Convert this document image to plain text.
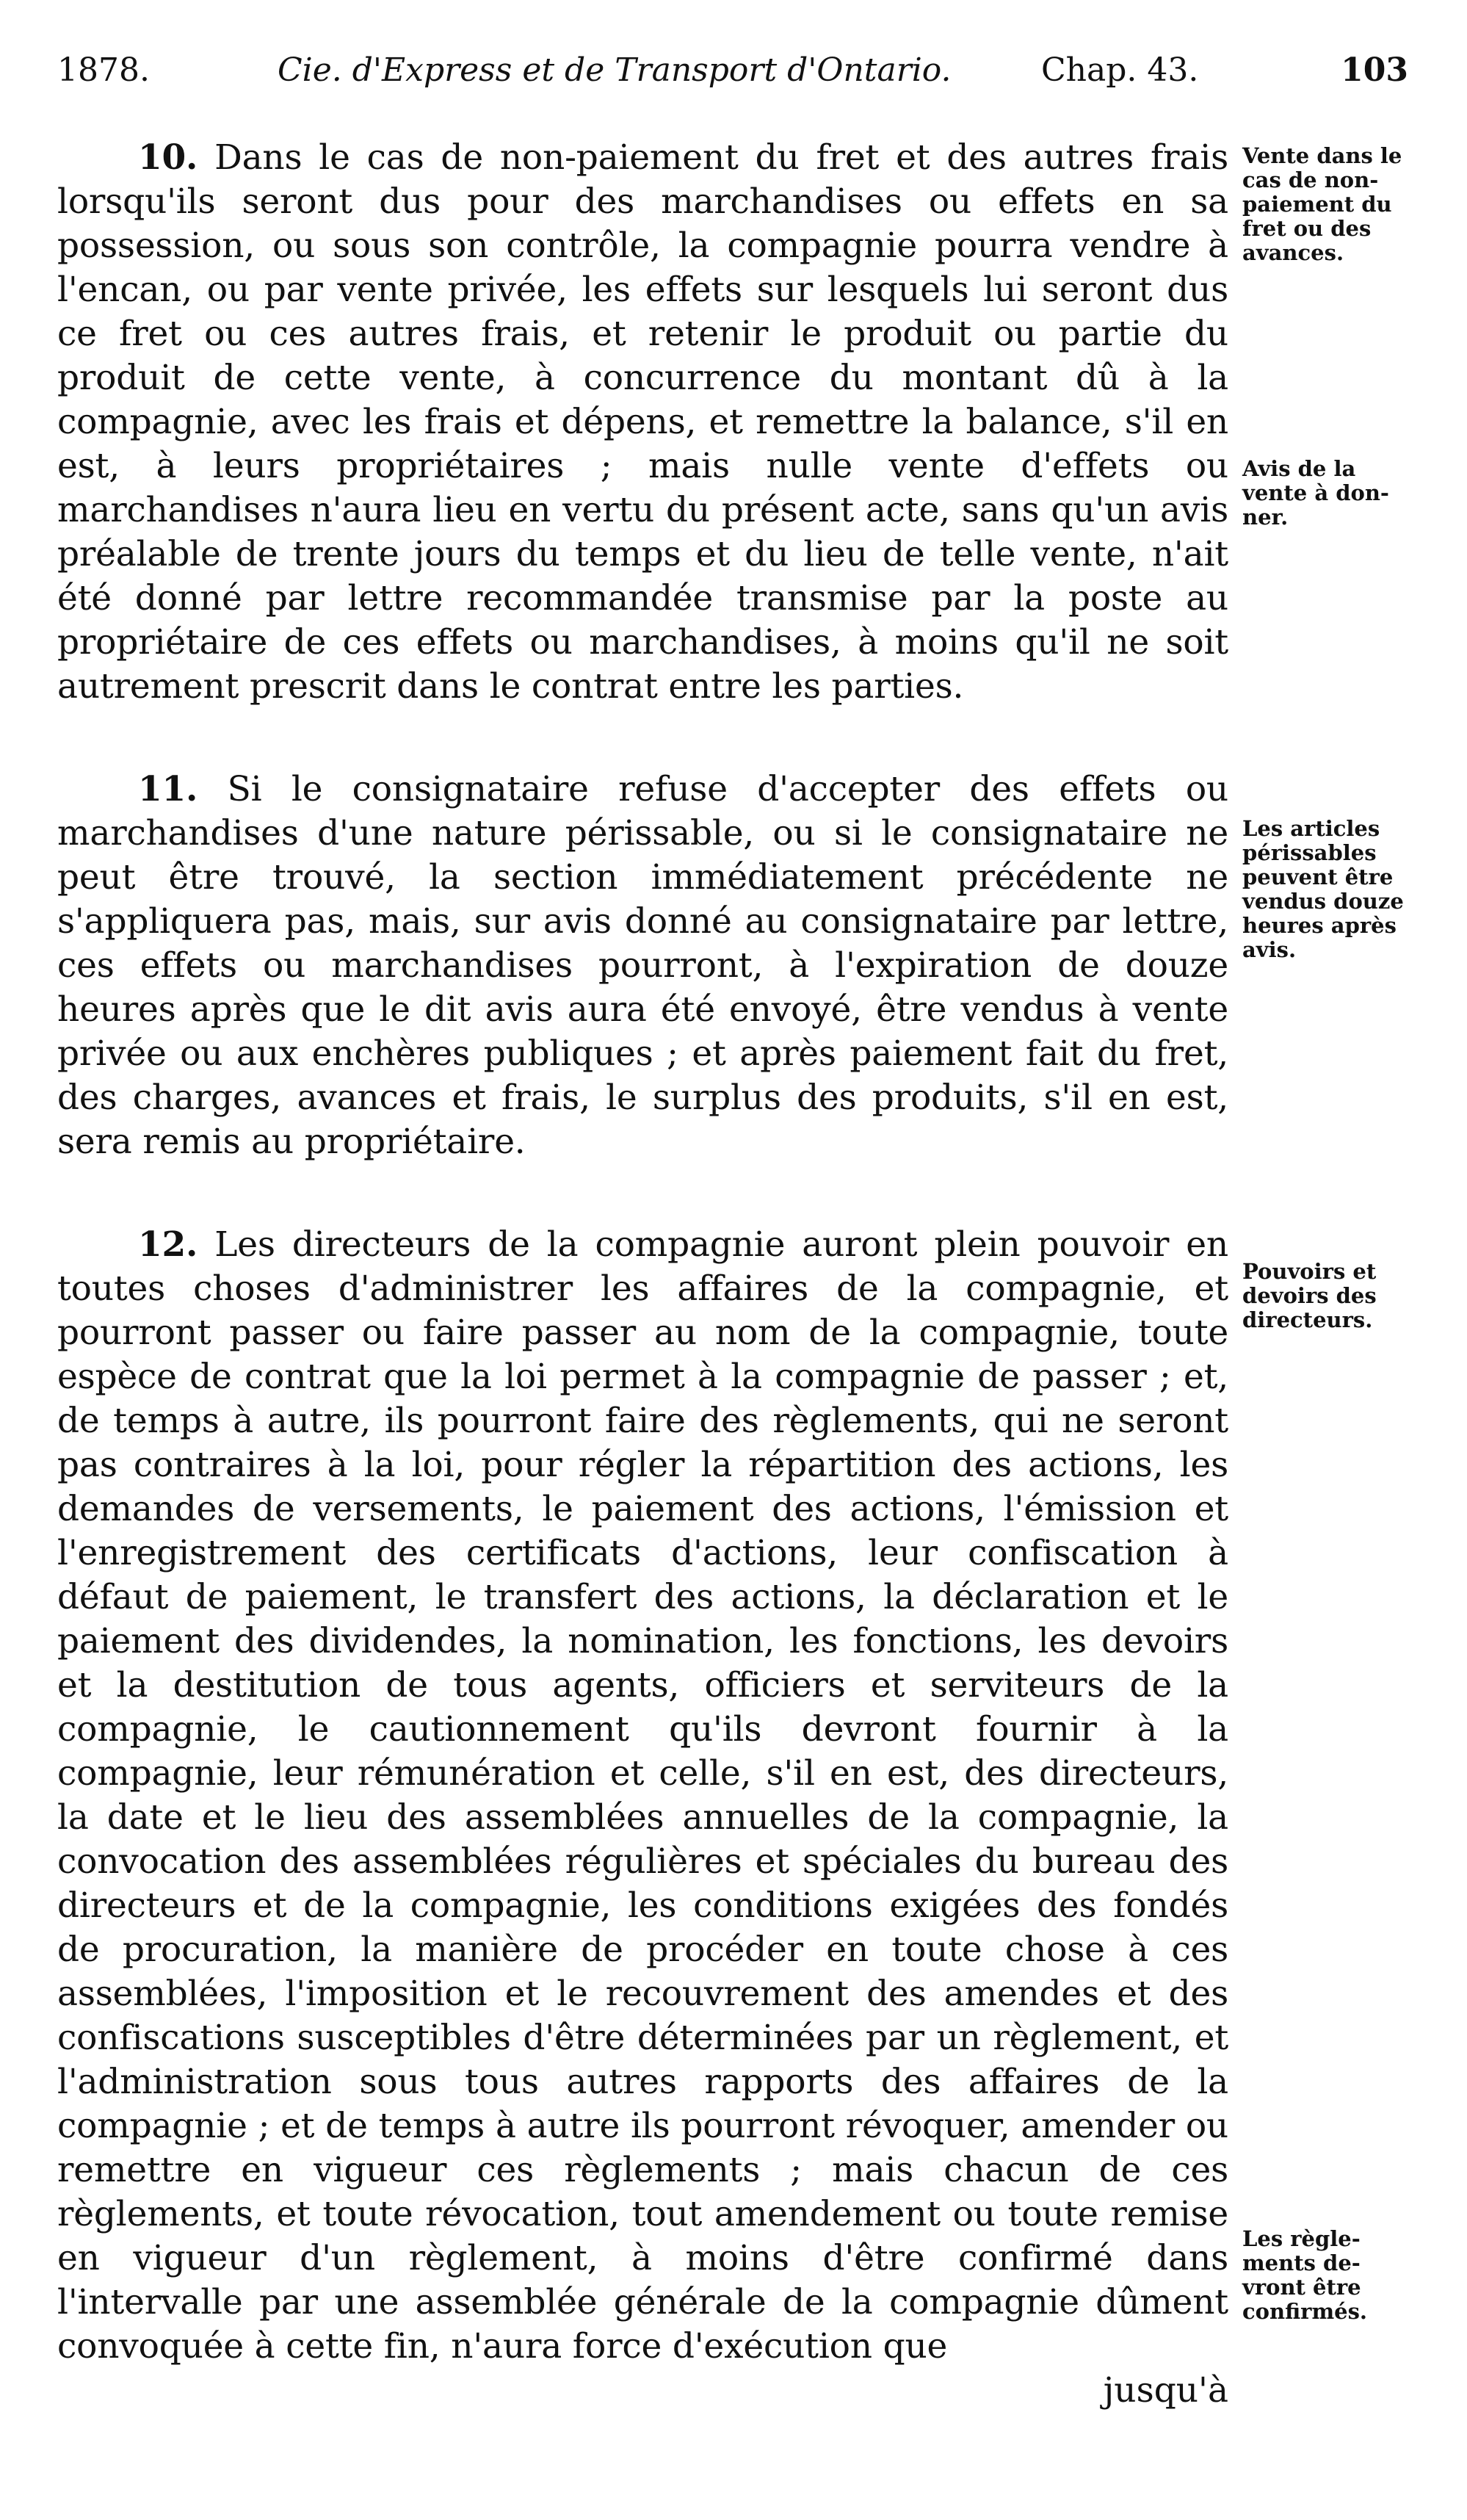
1878.	Cie. d'Express et de Transport d'Ontario.	Chap. 43.	103

10. Dans le cas de non-paiement du fret et des autres frais lorsqu'ils seront dus pour des marchandises ou effets en sa possession, ou sous son contrôle, la compagnie pourra vendre à l'encan, ou par vente privée, les effets sur lesquels lui seront dus ce fret ou ces autres frais, et retenir le produit ou partie du produit de cette vente, à concurrence du montant dû à la compagnie, avec les frais et dépens, et remettre la balance, s'il en est, à leurs propriétaires ; mais nulle vente d'effets ou marchandises n'aura lieu en vertu du présent acte, sans qu'un avis préalable de trente jours du temps et du lieu de telle vente, n'ait été donné par lettre recommandée transmise par la poste au propriétaire de ces effets ou marchandises, à moins qu'il ne soit autrement prescrit dans le contrat entre les parties.

11. Si le consignataire refuse d'accepter des effets ou marchandises d'une nature périssable, ou si le consignataire ne peut être trouvé, la section immédiatement précédente ne s'appliquera pas, mais, sur avis donné au consignataire par lettre, ces effets ou marchandises pourront, à l'expiration de douze heures après que le dit avis aura été envoyé, être vendus à vente privée ou aux enchères publiques ; et après paiement fait du fret, des charges, avances et frais, le surplus des produits, s'il en est, sera remis au propriétaire.

12. Les directeurs de la compagnie auront plein pouvoir en toutes choses d'administrer les affaires de la compagnie, et pourront passer ou faire passer au nom de la compagnie, toute espèce de contrat que la loi permet à la compagnie de passer ; et, de temps à autre, ils pourront faire des règlements, qui ne seront pas contraires à la loi, pour régler la répartition des actions, les demandes de versements, le paiement des actions, l'émission et l'enregistrement des certificats d'actions, leur confiscation à défaut de paiement, le transfert des actions, la déclaration et le paiement des dividendes, la nomination, les fonctions, les devoirs et la destitution de tous agents, officiers et serviteurs de la compagnie, le cautionnement qu'ils devront fournir à la compagnie, leur rémunération et celle, s'il en est, des directeurs, la date et le lieu des assemblées annuelles de la compagnie, la convocation des assemblées régulières et spéciales du bureau des directeurs et de la compagnie, les conditions exigées des fondés de procuration, la manière de procéder en toute chose à ces assemblées, l'imposition et le recouvrement des amendes et des confiscations susceptibles d'être déterminées par un règlement, et l'administration sous tous autres rapports des affaires de la compagnie ; et de temps à autre ils pourront révoquer, amender ou remettre en vigueur ces règlements ; mais chacun de ces règlements, et toute révocation, tout amendement ou toute remise en vigueur d'un règlement, à moins d'être confirmé dans l'intervalle par une assemblée générale de la compagnie dûment convoquée à cette fin, n'aura force d'exécution que

jusqu'à

Vente dans le
cas de non-
paiement du
fret ou des
avances.
Avis de la
vente à don-
ner.
Les articles
périssables
peuvent être
vendus douze
heures après
avis.
Pouvoirs et
devoirs des
directeurs.
Les règle-
ments de-
vront être
confirmés.
